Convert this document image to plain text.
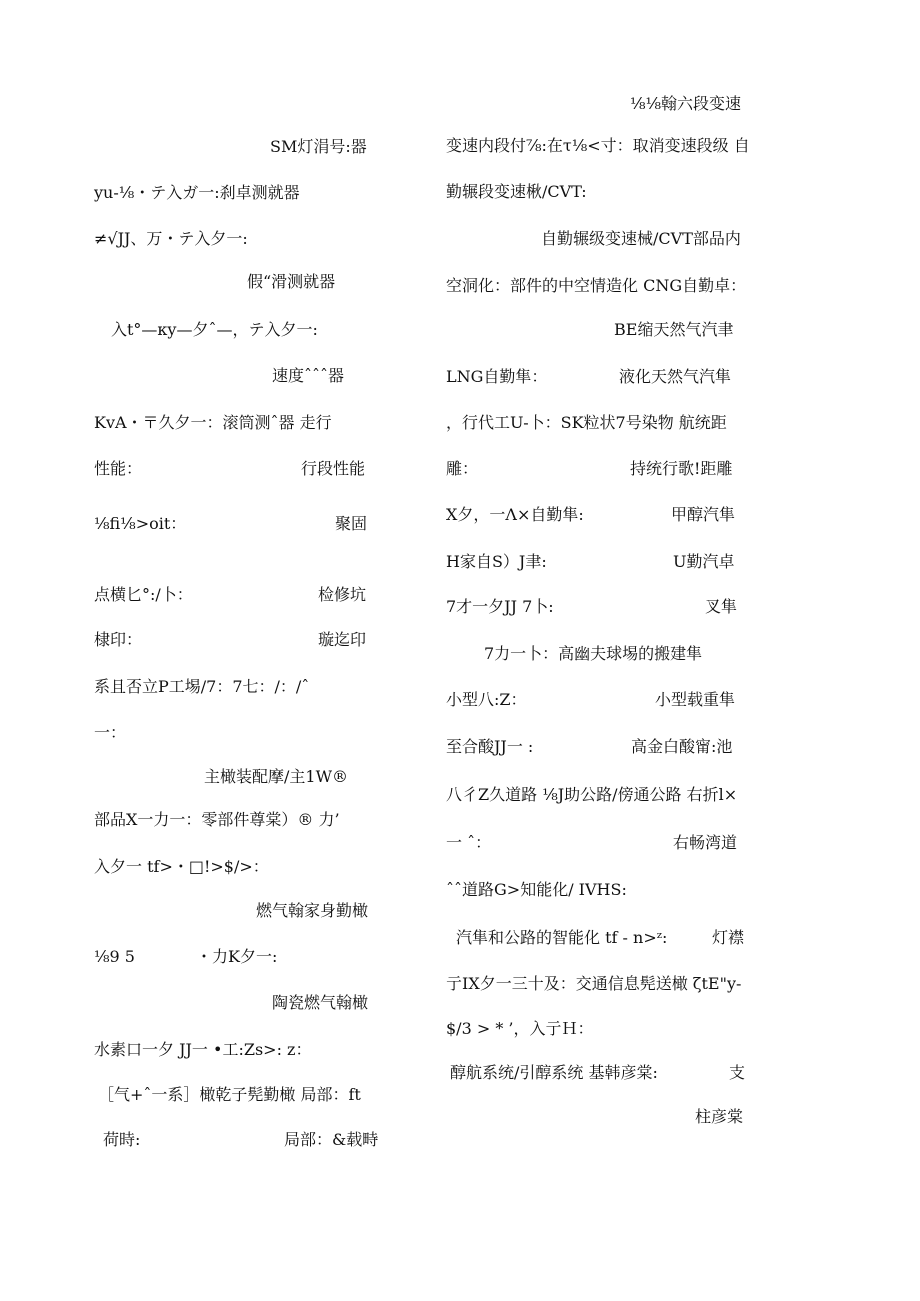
SM灯涓号:器
yu-⅛・テ入ガ一:刹卓测就器
≠√JJ、万・テ入夕一:
假“滑测就器
入t°—κy—夕ˆ—，テ入夕一:
速度ˆˆˆ器
KvA・〒久夕一：滚筒测ˆ器 走行
性能：	行段性能
⅛fi⅛>oit：	聚固
点横匕°:/卜：	检修坑
棣印：	璇迄印
系且否立P工埸/7：7七：/：/ˆ
一：
主橄装配摩/主1W®
部品X一力一：零部件尊棠）® 力’
入夕一 tf>・□!>$/>：
燃气翰家身勤橄
⅛9 5	・力K夕一:
陶瓷燃气翰橄
水素口一夕 JJ一 •工:Zs>: z：
［气+ˆ一系］橄乾子髡勤橄 局部：ft
荷時:	局部：&载畤
⅛⅛翰六段变速
变速内段付⅞:在τ⅛<寸：取消变速段级 自
勤辗段变速楸/CVT:
自勤辗级变速械/CVT部品内
空洞化：部件的中空情造化 CNG自勤卓：
BE缩天然气汽聿
LNG自勤隼：	液化天然气汽隼
，行代工U-卜：SK粒状7号染物 航统距
雕：	持统行歌!距雕
X夕，一Λ×自勤隼:	甲醇汽隼
H家自S）J聿:	U勤汽卓
7才一夕JJ 7卜:	叉隼
7力一卜：高幽夫球埸的搬建隼
小型八:Z：	小型载重隼
至合酸JJ一 :	高金白酸甯:池
八彳Z久道路 ⅛J助公路/傍通公路 右折l×
一 ˆ：	右畅湾道
ˆˆ道路G>知能化/ IVHS:
汽隼和公路的智能化 tf - n>ᶻ:	灯襟
亍IX夕一三十及：交通信息髡送橄 ζtE"y-
$/3 > * ’，入亍Ｈ：
醇航系统/引醇系统 基韩彦棠:	支
柱彦棠
